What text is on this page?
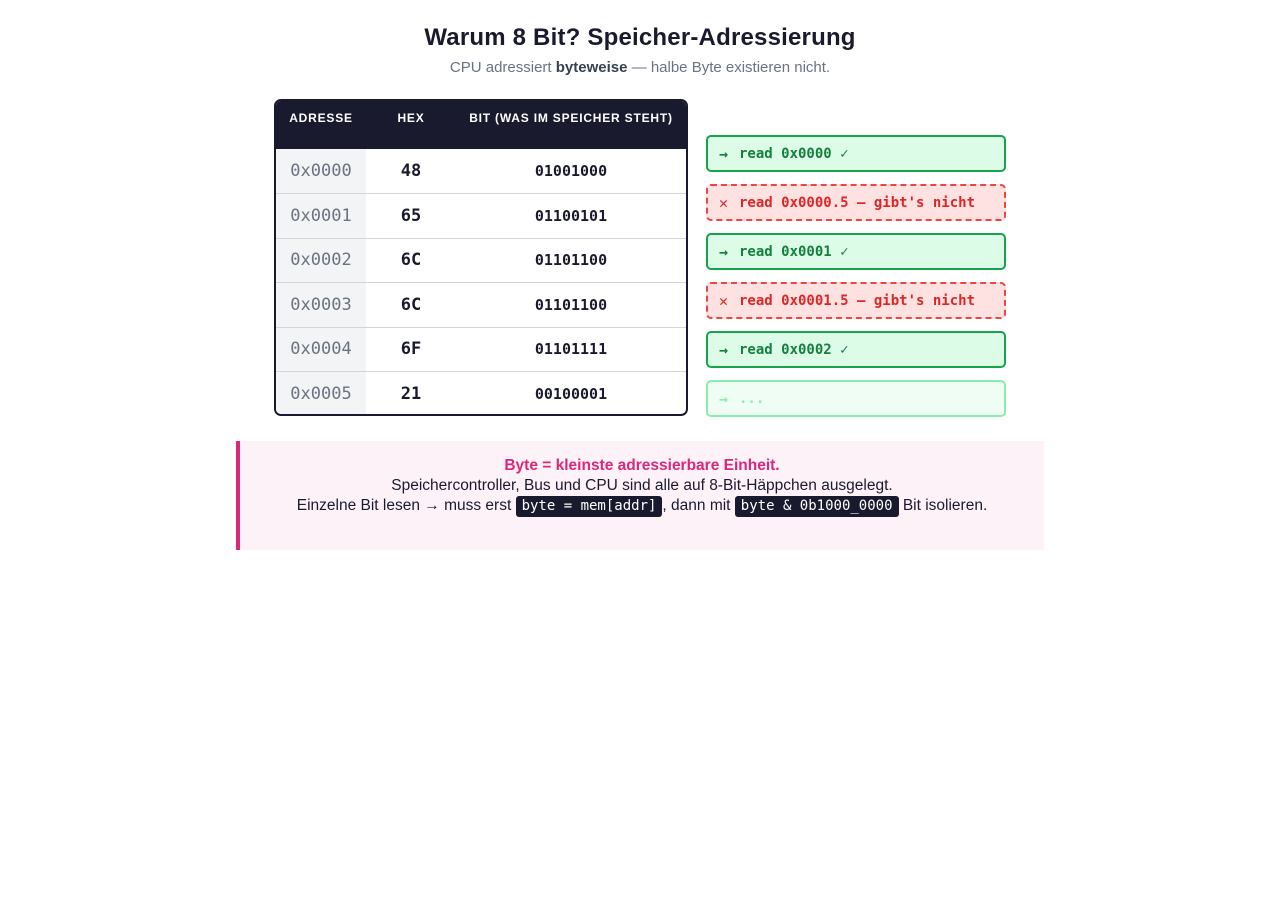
Warum 8 Bit? Speicher-Adressierung
CPU adressiert byteweise — halbe Byte existieren nicht.
ADRESSE	HEX	BIT (WAS IM SPEICHER STEHT)
0x0000	48	01001000
0x0001	65	01100101
0x0002	6C	01101100
0x0003	6C	01101100
0x0004	6F	01101111
0x0005	21	00100001
→ read 0x0000 ✓
✕ read 0x0000.5 — gibt's nicht
→ read 0x0001 ✓
✕ read 0x0001.5 — gibt's nicht
→ read 0x0002 ✓
→ ...
Byte = kleinste adressierbare Einheit.
Speichercontroller, Bus und CPU sind alle auf 8-Bit-Häppchen ausgelegt.
Einzelne Bit lesen → muss erst byte = mem[addr] , dann mit byte & 0b1000_0000 Bit isolieren.
